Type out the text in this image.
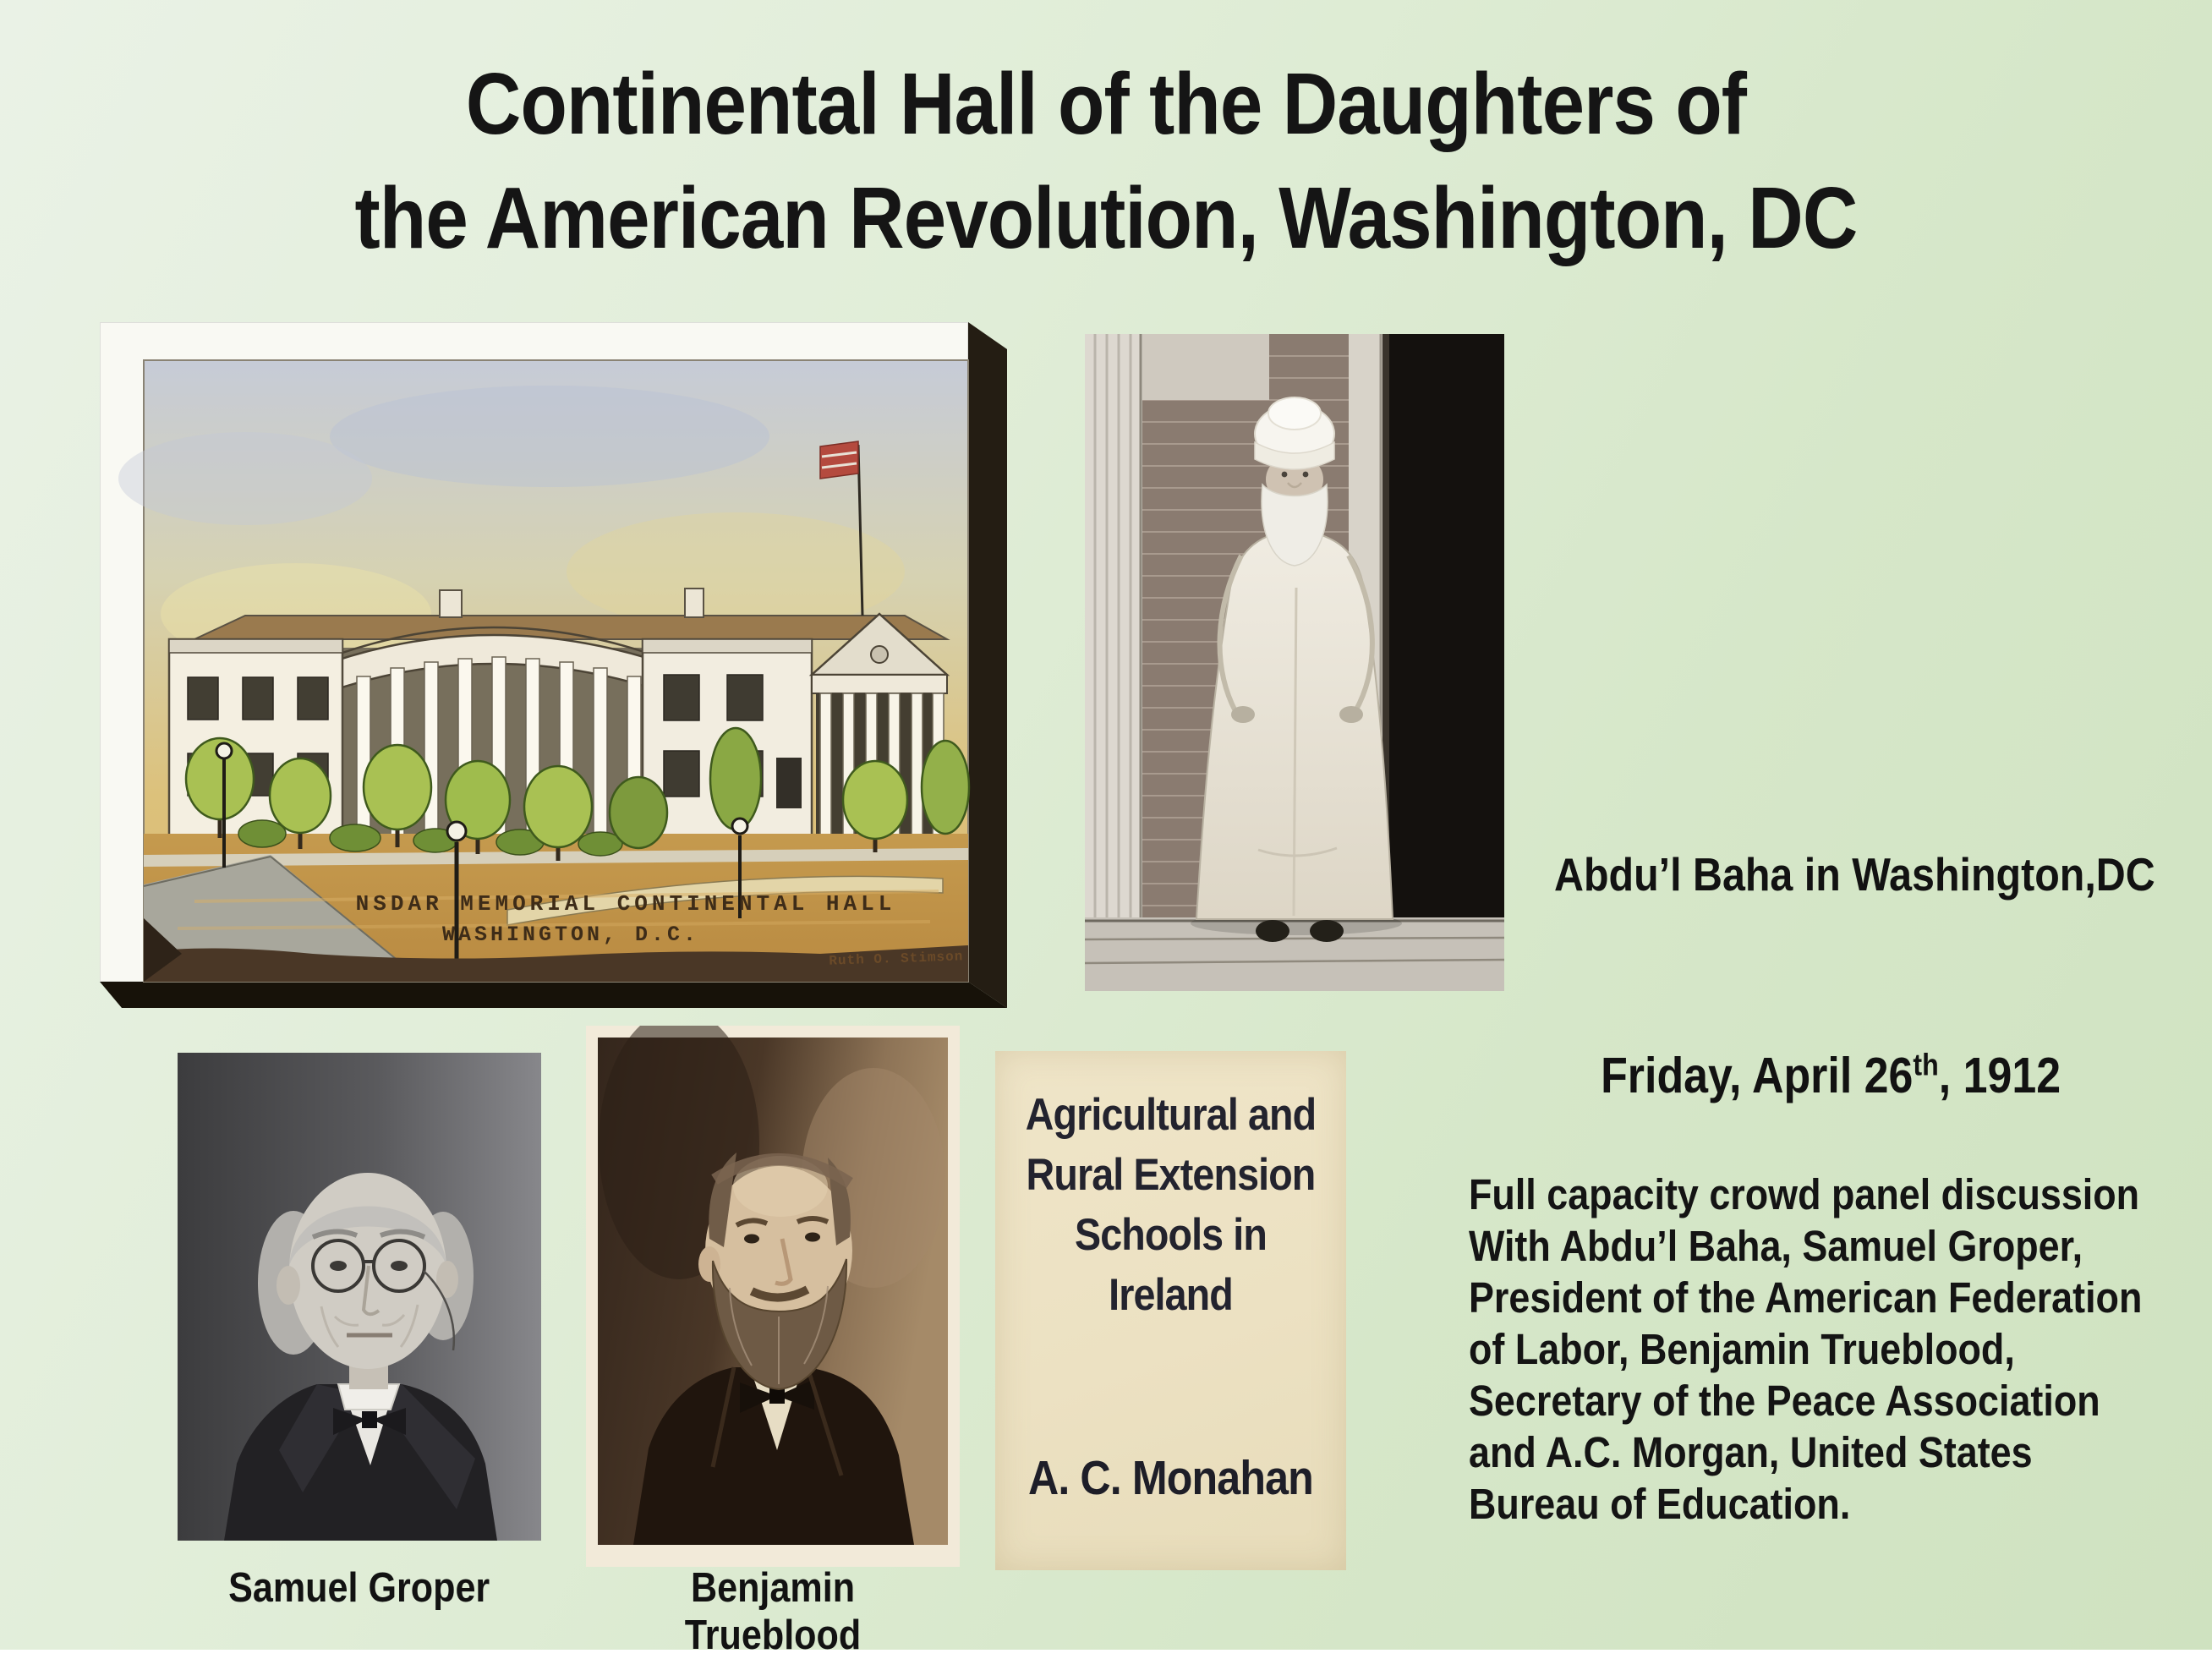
Continental Hall of the Daughters of
the American Revolution, Washington, DC
NSDAR MEMORIAL CONTINENTAL HALL
WASHINGTON, D.C.
Ruth O. Stimson
Abdu’l Baha in Washington,DC
Friday, April 26th, 1912
Full capacity crowd panel discussion
With Abdu’l Baha, Samuel Groper,
President of the American Federation
of Labor, Benjamin Trueblood,
Secretary of the Peace Association
and A.C. Morgan, United States
Bureau of Education.
Samuel Groper	Benjamin Trueblood
Agricultural and
Rural Extension
Schools in
Ireland
A. C. Monahan
